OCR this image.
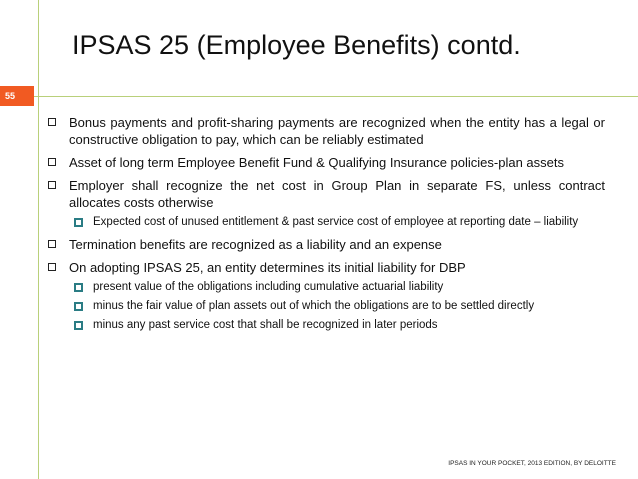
55
IPSAS 25 (Employee Benefits) contd.
Bonus payments and profit-sharing payments are recognized when the entity has a legal or constructive obligation to pay, which can be reliably estimated
Asset of long term Employee Benefit Fund & Qualifying Insurance policies-plan assets
Employer shall recognize the net cost in Group Plan in separate FS, unless contract allocates costs otherwise
Expected cost of unused entitlement & past service cost of employee at reporting date – liability
Termination benefits are recognized as a liability and an expense
On adopting IPSAS 25, an entity determines its initial liability for DBP
present value of the obligations including cumulative actuarial liability
minus the fair value of plan assets out of which the obligations are to be settled directly
minus any past service cost that shall be recognized in later periods
IPSAS IN YOUR POCKET, 2013 EDITION, BY DELOITTE
